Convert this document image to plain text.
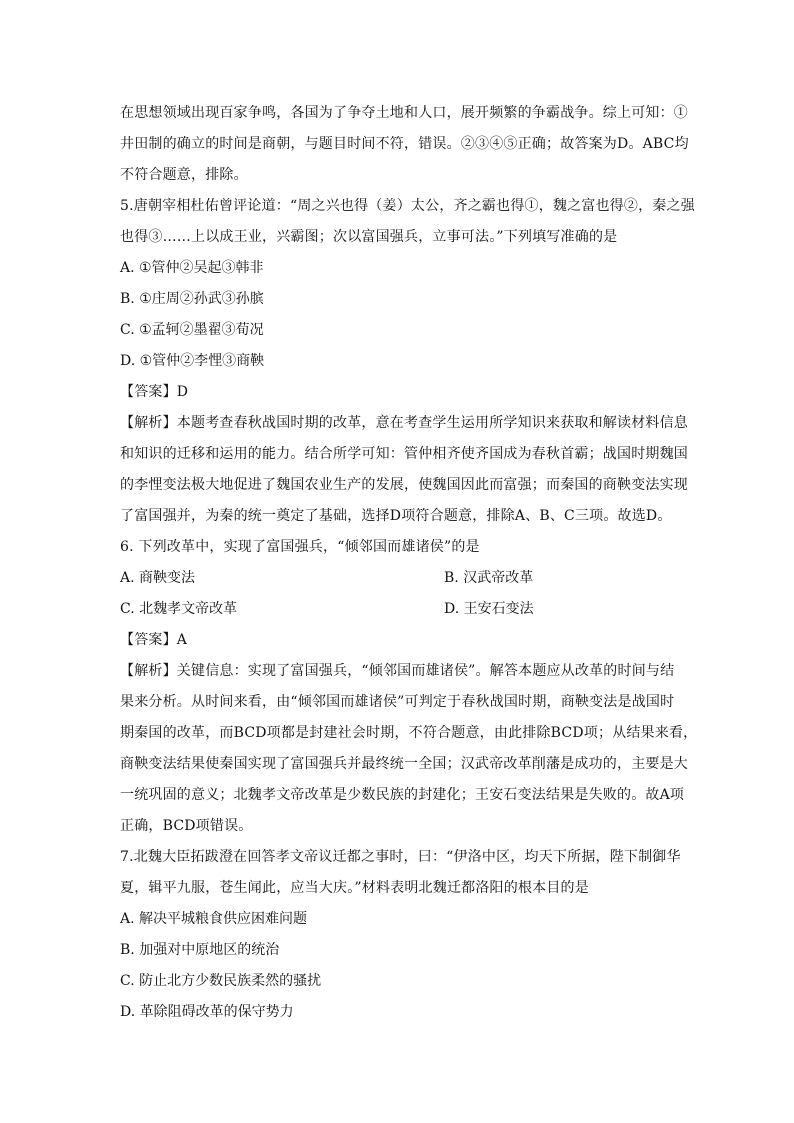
在思想领域出现百家争鸣，各国为了争夺土地和人口，展开频繁的争霸战争。综上可知：①
井田制的确立的时间是商朝，与题目时间不符，错误。②③④⑤正确；故答案为D。ABC均
不符合题意，排除。
5.唐朝宰相杜佑曾评论道：“周之兴也得（姜）太公，齐之霸也得①，魏之富也得②，秦之强
也得③……上以成王业，兴霸图；次以富国强兵，立事可法。”下列填写准确的是
A. ①管仲②吴起③韩非
B. ①庄周②孙武③孙膑
C. ①孟轲②墨翟③荀况
D. ①管仲②李悝③商鞅
【答案】D
【解析】本题考查春秋战国时期的改革，意在考查学生运用所学知识来获取和解读材料信息
和知识的迁移和运用的能力。结合所学可知：管仲相齐使齐国成为春秋首霸；战国时期魏国
的李悝变法极大地促进了魏国农业生产的发展，使魏国因此而富强；而秦国的商鞅变法实现
了富国强并，为秦的统一奠定了基础，选择D项符合题意，排除A、B、C三项。故选D。
6. 下列改革中，实现了富国强兵，“倾邻国而雄诸侯”的是
A. 商鞅变法	B. 汉武帝改革
C. 北魏孝文帝改革	D. 王安石变法
【答案】A
【解析】关键信息：实现了富国强兵，“倾邻国而雄诸侯”。解答本题应从改革的时间与结
果来分析。从时间来看，由“倾邻国而雄诸侯”可判定于春秋战国时期，商鞅变法是战国时
期秦国的改革，而BCD项都是封建社会时期，不符合题意，由此排除BCD项；从结果来看，
商鞅变法结果使秦国实现了富国强兵并最终统一全国；汉武帝改革削藩是成功的，主要是大
一统巩固的意义；北魏孝文帝改革是少数民族的封建化；王安石变法结果是失败的。故A项
正确，BCD项错误。
7.北魏大臣拓跋澄在回答孝文帝议迁都之事时，曰：“伊洛中区，均天下所据，陛下制御华
夏，辑平九服，苍生闻此，应当大庆。”材料表明北魏迁都洛阳的根本目的是
A. 解决平城粮食供应困难问题
B. 加强对中原地区的统治
C. 防止北方少数民族柔然的骚扰
D. 革除阻碍改革的保守势力
